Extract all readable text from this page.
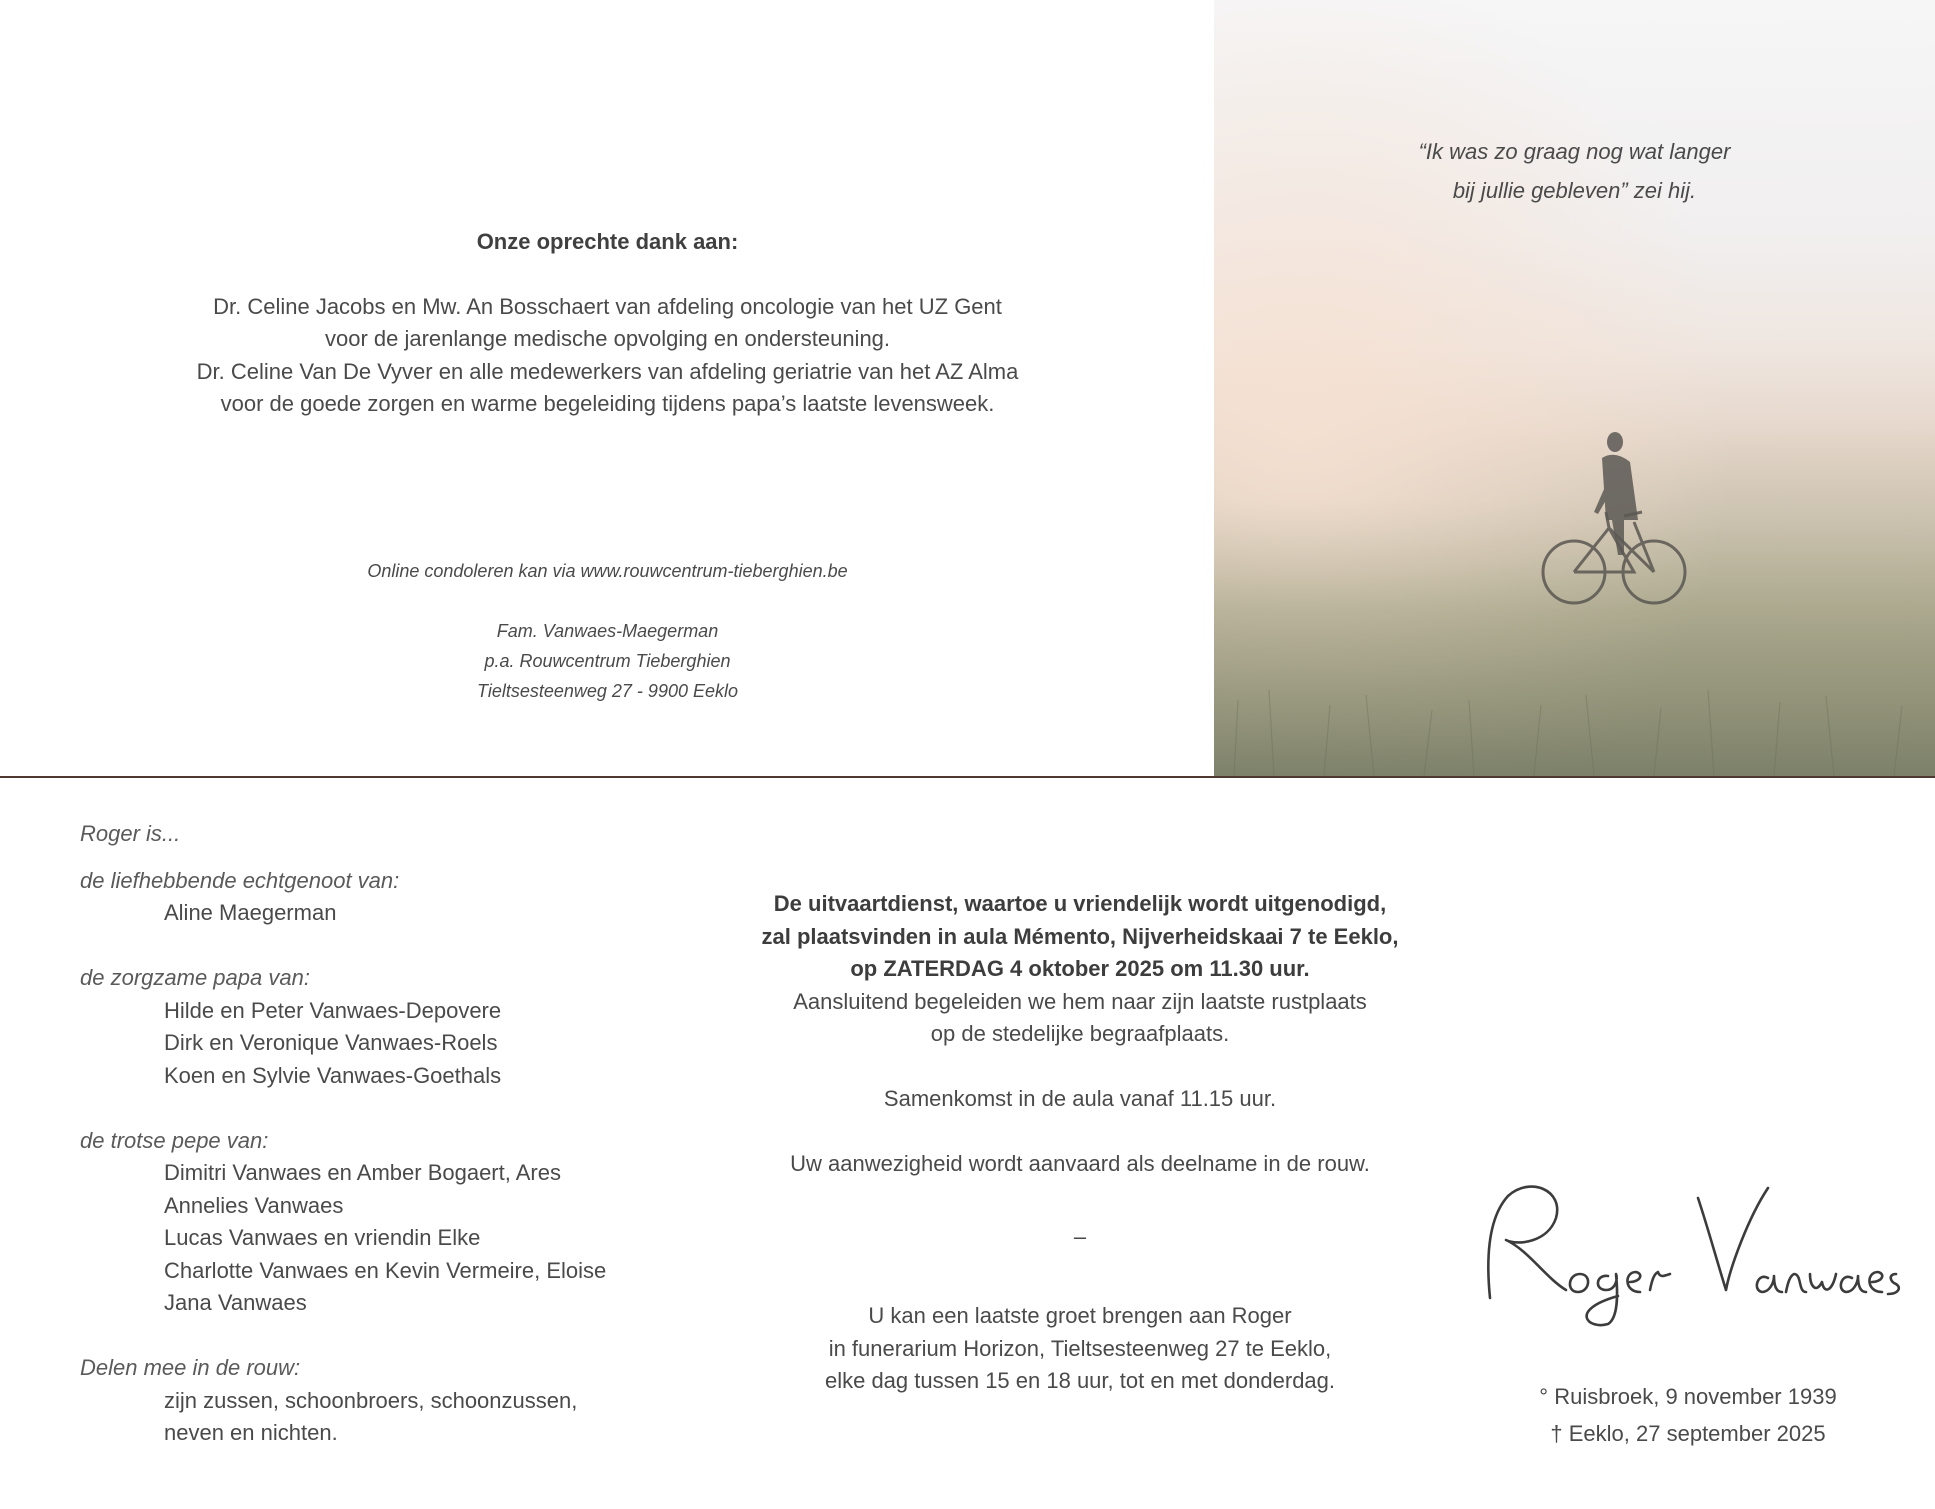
Onze oprechte dank aan:
Dr. Celine Jacobs en Mw. An Bosschaert van afdeling oncologie van het UZ Gent
voor de jarenlange medische opvolging en ondersteuning.
Dr. Celine Van De Vyver en alle medewerkers van afdeling geriatrie van het AZ Alma
voor de goede zorgen en warme begeleiding tijdens papa’s laatste levensweek.
Online condoleren kan via www.rouwcentrum-tieberghien.be
Fam. Vanwaes-Maegerman
p.a. Rouwcentrum Tieberghien
Tieltsesteenweg 27 - 9900 Eeklo
“Ik was zo graag nog wat langer
bij jullie gebleven” zei hij.
Roger is...
de liefhebbende echtgenoot van:
Aline Maegerman
de zorgzame papa van:
Hilde en Peter Vanwaes-Depovere
Dirk en Veronique Vanwaes-Roels
Koen en Sylvie Vanwaes-Goethals
de trotse pepe van:
Dimitri Vanwaes en Amber Bogaert, Ares
Annelies Vanwaes
Lucas Vanwaes en vriendin Elke
Charlotte Vanwaes en Kevin Vermeire, Eloise
Jana Vanwaes
Delen mee in de rouw:
zijn zussen, schoonbroers, schoonzussen,
neven en nichten.
De uitvaartdienst, waartoe u vriendelijk wordt uitgenodigd,
zal plaatsvinden in aula Mémento, Nijverheidskaai 7 te Eeklo,
op ZATERDAG 4 oktober 2025 om 11.30 uur.
Aansluitend begeleiden we hem naar zijn laatste rustplaats
op de stedelijke begraafplaats.
Samenkomst in de aula vanaf 11.15 uur.
Uw aanwezigheid wordt aanvaard als deelname in de rouw.
–
U kan een laatste groet brengen aan Roger
in funerarium Horizon, Tieltsesteenweg 27 te Eeklo,
elke dag tussen 15 en 18 uur, tot en met donderdag.
° Ruisbroek, 9 november 1939
† Eeklo, 27 september 2025
